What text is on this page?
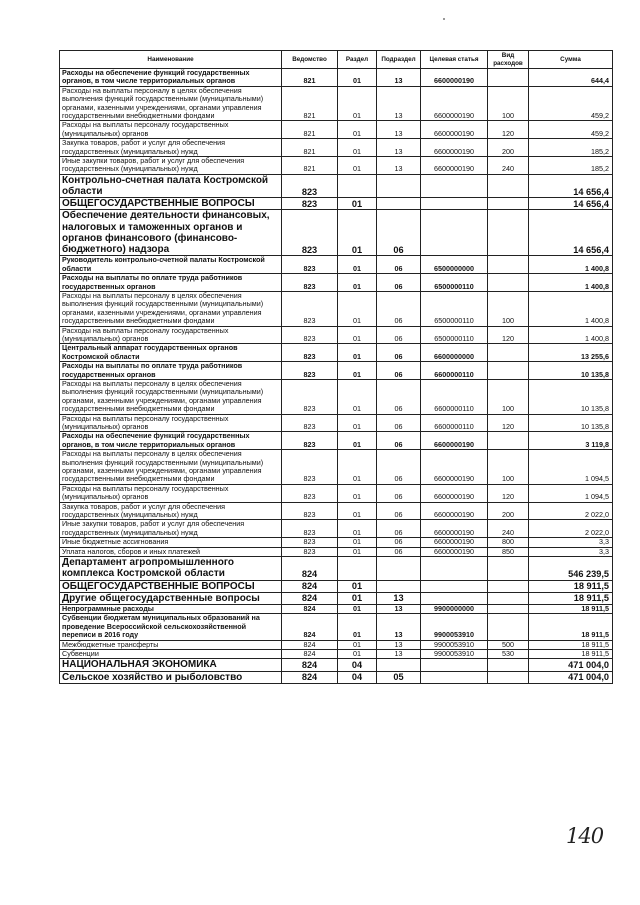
Наименование	Ведомство	Раздел	Подраздел	Целевая статья	Вид расходов	Сумма
Расходы на обеспечение функций государственных органов, в том числе территориальных органов	821	01	13	6600000190		644,4
Расходы на выплаты персоналу в целях обеспечения выполнения функций государственными (муниципальными) органами, казенными учреждениями, органами управления государственными внебюджетными фондами	821	01	13	6600000190	100	459,2
Расходы на выплаты персоналу государственных (муниципальных) органов	821	01	13	6600000190	120	459,2
Закупка товаров, работ и услуг для обеспечения государственных (муниципальных) нужд	821	01	13	6600000190	200	185,2
Иные закупки товаров, работ и услуг для обеспечения государственных (муниципальных) нужд	821	01	13	6600000190	240	185,2
Контрольно-счетная палата Костромской области	823					14 656,4
ОБЩЕГОСУДАРСТВЕННЫЕ ВОПРОСЫ	823	01				14 656,4
Обеспечение деятельности финансовых, налоговых и таможенных органов и органов финансового (финансово-бюджетного) надзора	823	01	06			14 656,4
Руководитель контрольно-счетной палаты Костромской области	823	01	06	6500000000		1 400,8
Расходы на выплаты по оплате труда работников государственных органов	823	01	06	6500000110		1 400,8
Расходы на выплаты персоналу в целях обеспечения выполнения функций государственными (муниципальными) органами, казенными учреждениями, органами управления государственными внебюджетными фондами	823	01	06	6500000110	100	1 400,8
Расходы на выплаты персоналу государственных (муниципальных) органов	823	01	06	6500000110	120	1 400,8
Центральный аппарат государственных органов Костромской области	823	01	06	6600000000		13 255,6
Расходы на выплаты по оплате труда работников государственных органов	823	01	06	6600000110		10 135,8
Расходы на выплаты персоналу в целях обеспечения выполнения функций государственными (муниципальными) органами, казенными учреждениями, органами управления государственными внебюджетными фондами	823	01	06	6600000110	100	10 135,8
Расходы на выплаты персоналу государственных (муниципальных) органов	823	01	06	6600000110	120	10 135,8
Расходы на обеспечение функций государственных органов, в том числе территориальных органов	823	01	06	6600000190		3 119,8
Расходы на выплаты персоналу в целях обеспечения выполнения функций государственными (муниципальными) органами, казенными учреждениями, органами управления государственными внебюджетными фондами	823	01	06	6600000190	100	1 094,5
Расходы на выплаты персоналу государственных (муниципальных) органов	823	01	06	6600000190	120	1 094,5
Закупка товаров, работ и услуг для обеспечения государственных (муниципальных) нужд	823	01	06	6600000190	200	2 022,0
Иные закупки товаров, работ и услуг для обеспечения государственных (муниципальных) нужд	823	01	06	6600000190	240	2 022,0
Иные бюджетные ассигнования	823	01	06	6600000190	800	3,3
Уплата налогов, сборов и иных платежей	823	01	06	6600000190	850	3,3
Департамент агропромышленного комплекса Костромской области	824					546 239,5
ОБЩЕГОСУДАРСТВЕННЫЕ ВОПРОСЫ	824	01				18 911,5
Другие общегосударственные вопросы	824	01	13			18 911,5
Непрограммные расходы	824	01	13	9900000000		18 911,5
Субвенции бюджетам муниципальных образований на проведение Всероссийской сельскохозяйственной переписи в 2016 году	824	01	13	9900053910		18 911,5
Межбюджетные трансферты	824	01	13	9900053910	500	18 911,5
Субвенции	824	01	13	9900053910	530	18 911,5
НАЦИОНАЛЬНАЯ ЭКОНОМИКА	824	04				471 004,0
Сельское хозяйство и рыболовство	824	04	05			471 004,0
140
